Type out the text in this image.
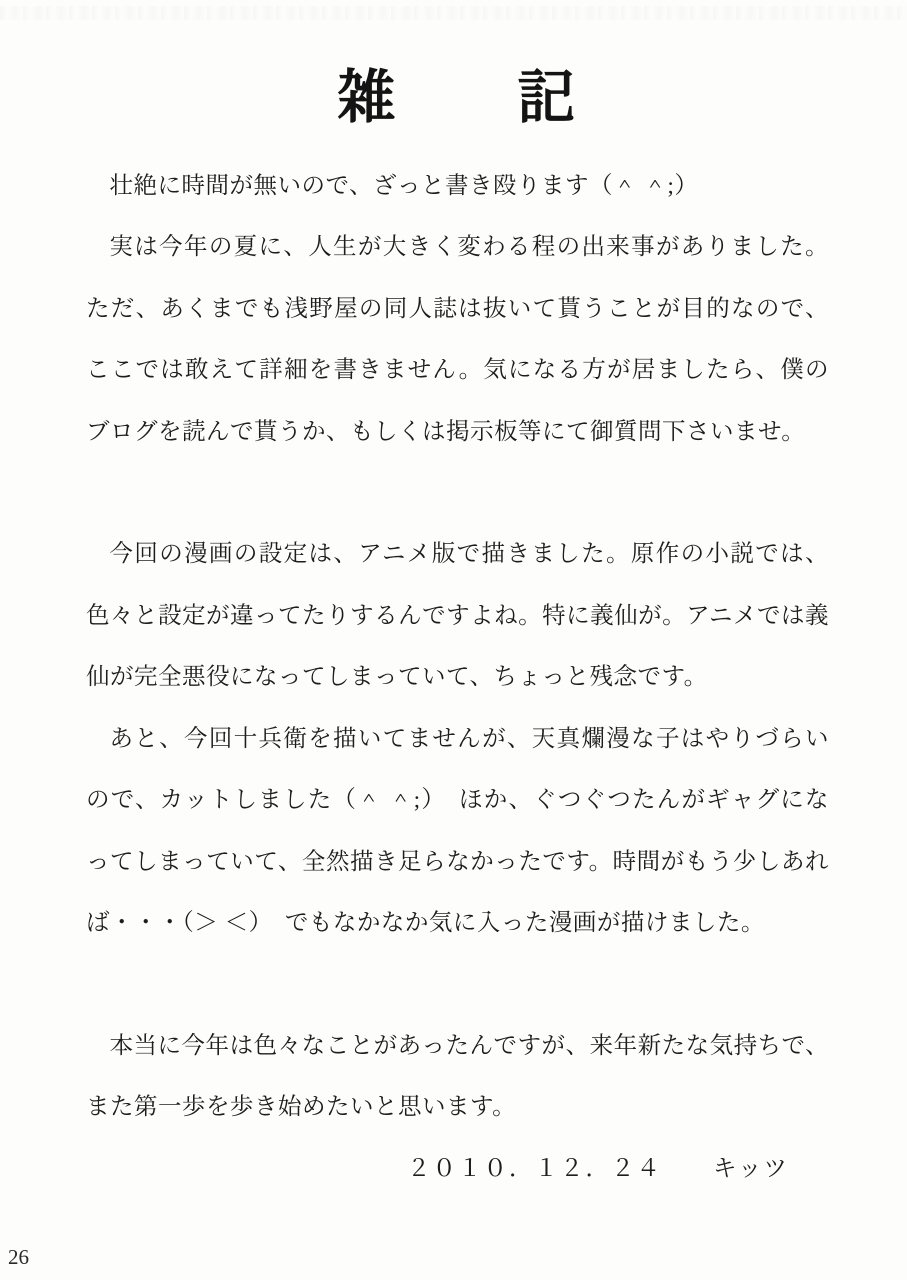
雑　　記

壮絶に時間が無いので、ざっと書き殴ります（＾ ＾;）

実は今年の夏に、人生が大きく変わる程の出来事がありました。ただ、あくまでも浅野屋の同人誌は抜いて貰うことが目的なので、ここでは敢えて詳細を書きません。気になる方が居ましたら、僕のブログを読んで貰うか、もしくは掲示板等にて御質問下さいませ。

今回の漫画の設定は、アニメ版で描きました。原作の小説では、色々と設定が違ってたりするんですよね。特に義仙が。アニメでは義仙が完全悪役になってしまっていて、ちょっと残念です。

あと、今回十兵衛を描いてませんが、天真爛漫な子はやりづらいので、カットしました（＾ ＾;）　ほか、ぐつぐつたんがギャグになってしまっていて、全然描き足らなかったです。時間がもう少しあれば・・・（＞ ＜）　でもなかなか気に入った漫画が描けました。

本当に今年は色々なことがあったんですが、来年新たな気持ちで、また第一歩を歩き始めたいと思います。

２０１０．１２．２４　　キッツ

26
